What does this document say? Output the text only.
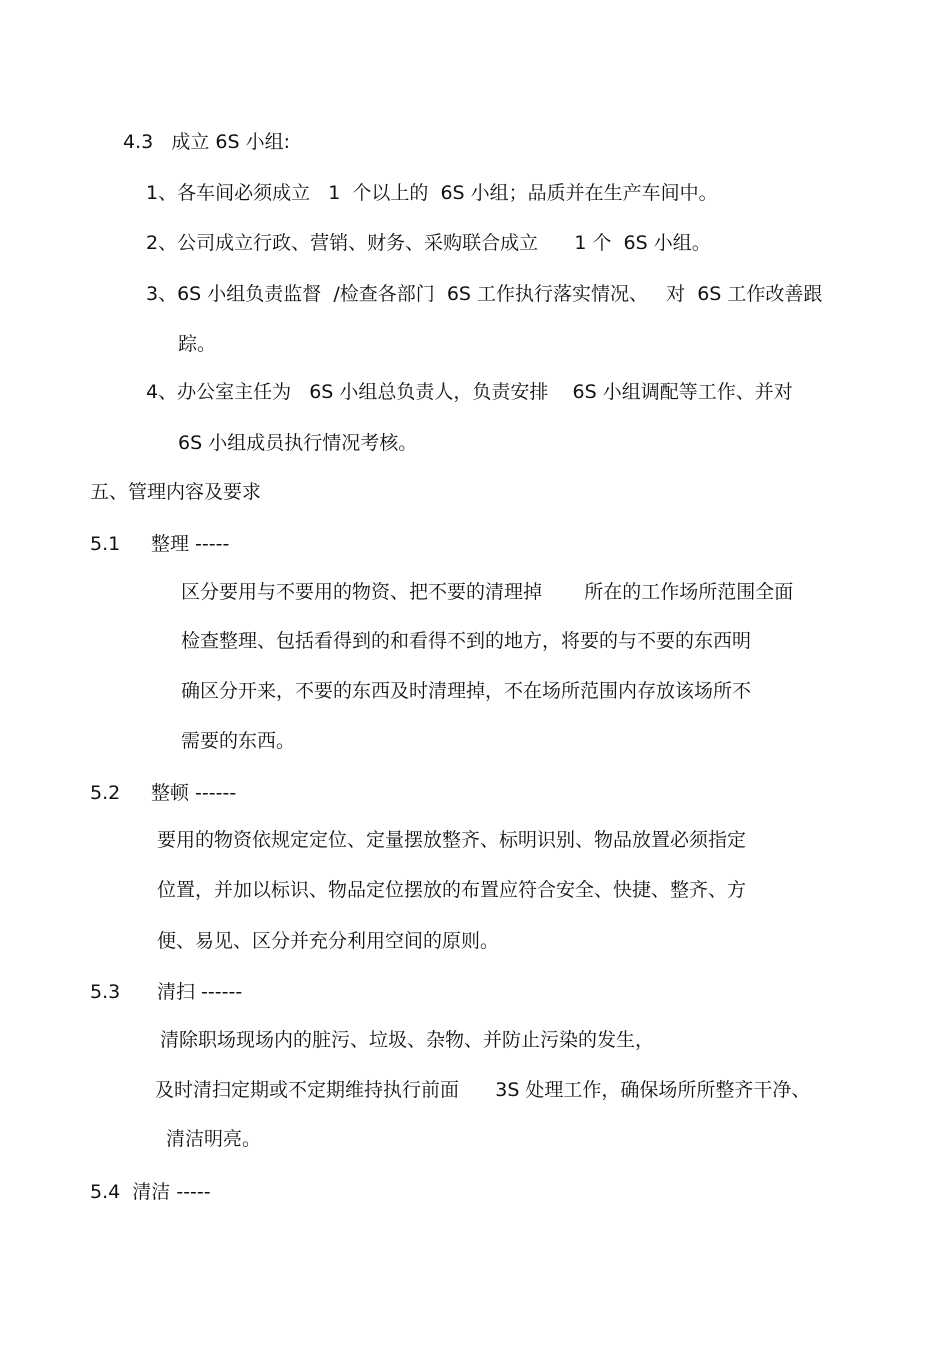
4.3   成立 6S 小组:
1、各车间必须成立   1  个以上的  6S 小组；品质并在生产车间中。
2、公司成立行政、营销、财务、采购联合成立      1 个  6S 小组。
3、6S 小组负责监督  /检查各部门  6S 工作执行落实情况、   对  6S 工作改善跟
踪。
4、办公室主任为   6S 小组总负责人，负责安排    6S 小组调配等工作、并对
6S 小组成员执行情况考核。
五、管理内容及要求
5.1 整理 -----
区分要用与不要用的物资、把不要的清理掉       所在的工作场所范围全面
检查整理、包括看得到的和看得不到的地方，将要的与不要的东西明
确区分开来，不要的东西及时清理掉，不在场所范围内存放该场所不
需要的东西。
5.2 整顿 ------
要用的物资依规定定位、定量摆放整齐、标明识别、物品放置必须指定
位置，并加以标识、物品定位摆放的布置应符合安全、快捷、整齐、方
便、易见、区分并充分利用空间的原则。
5.3 清扫 ------
清除职场现场内的脏污、垃圾、杂物、并防止污染的发生，
及时清扫定期或不定期维持执行前面      3S 处理工作，确保场所所整齐干净、
清洁明亮。
5.4  清洁 -----
